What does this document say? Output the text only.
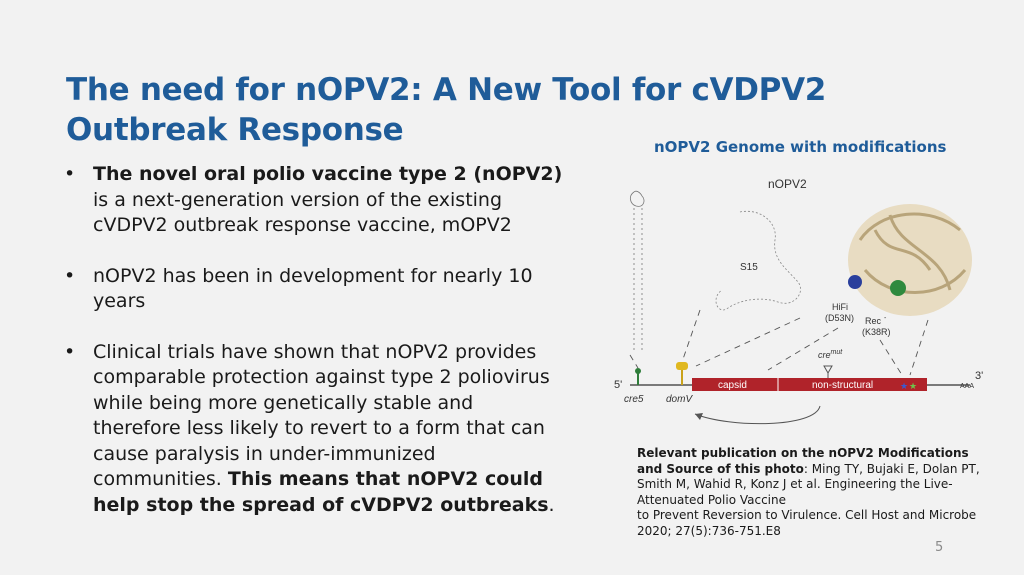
The need for nOPV2: A New Tool for cVDPV2 Outbreak Response
• The novel oral polio vaccine type 2 (nOPV2) is a next-generation version of the existing cVDPV2 outbreak response vaccine, mOPV2
• nOPV2 has been in development for nearly 10 years
• Clinical trials have shown that nOPV2 provides comparable protection against type 2 poliovirus while being more genetically stable and therefore less likely to revert to a form that can cause paralysis in under-immunized communities. This means that nOPV2 could help stop the spread of cVDPV2 outbreaks.
nOPV2 Genome with modifications
nOPV2
S15
HiFi
(D53N) Rec -
(K38R)
cre$^{mut}$
capsid	non-structural	★ ★
5'
3'
AAA
cre5 domV
Relevant publication on the nOPV2 Modifications and Source of this photo: Ming TY, Bujaki E, Dolan PT, Smith M, Wahid R, Konz J et al. Engineering the Live-Attenuated Polio Vaccine
to Prevent Reversion to Virulence. Cell Host and Microbe 2020; 27(5):736-751.E8
5
